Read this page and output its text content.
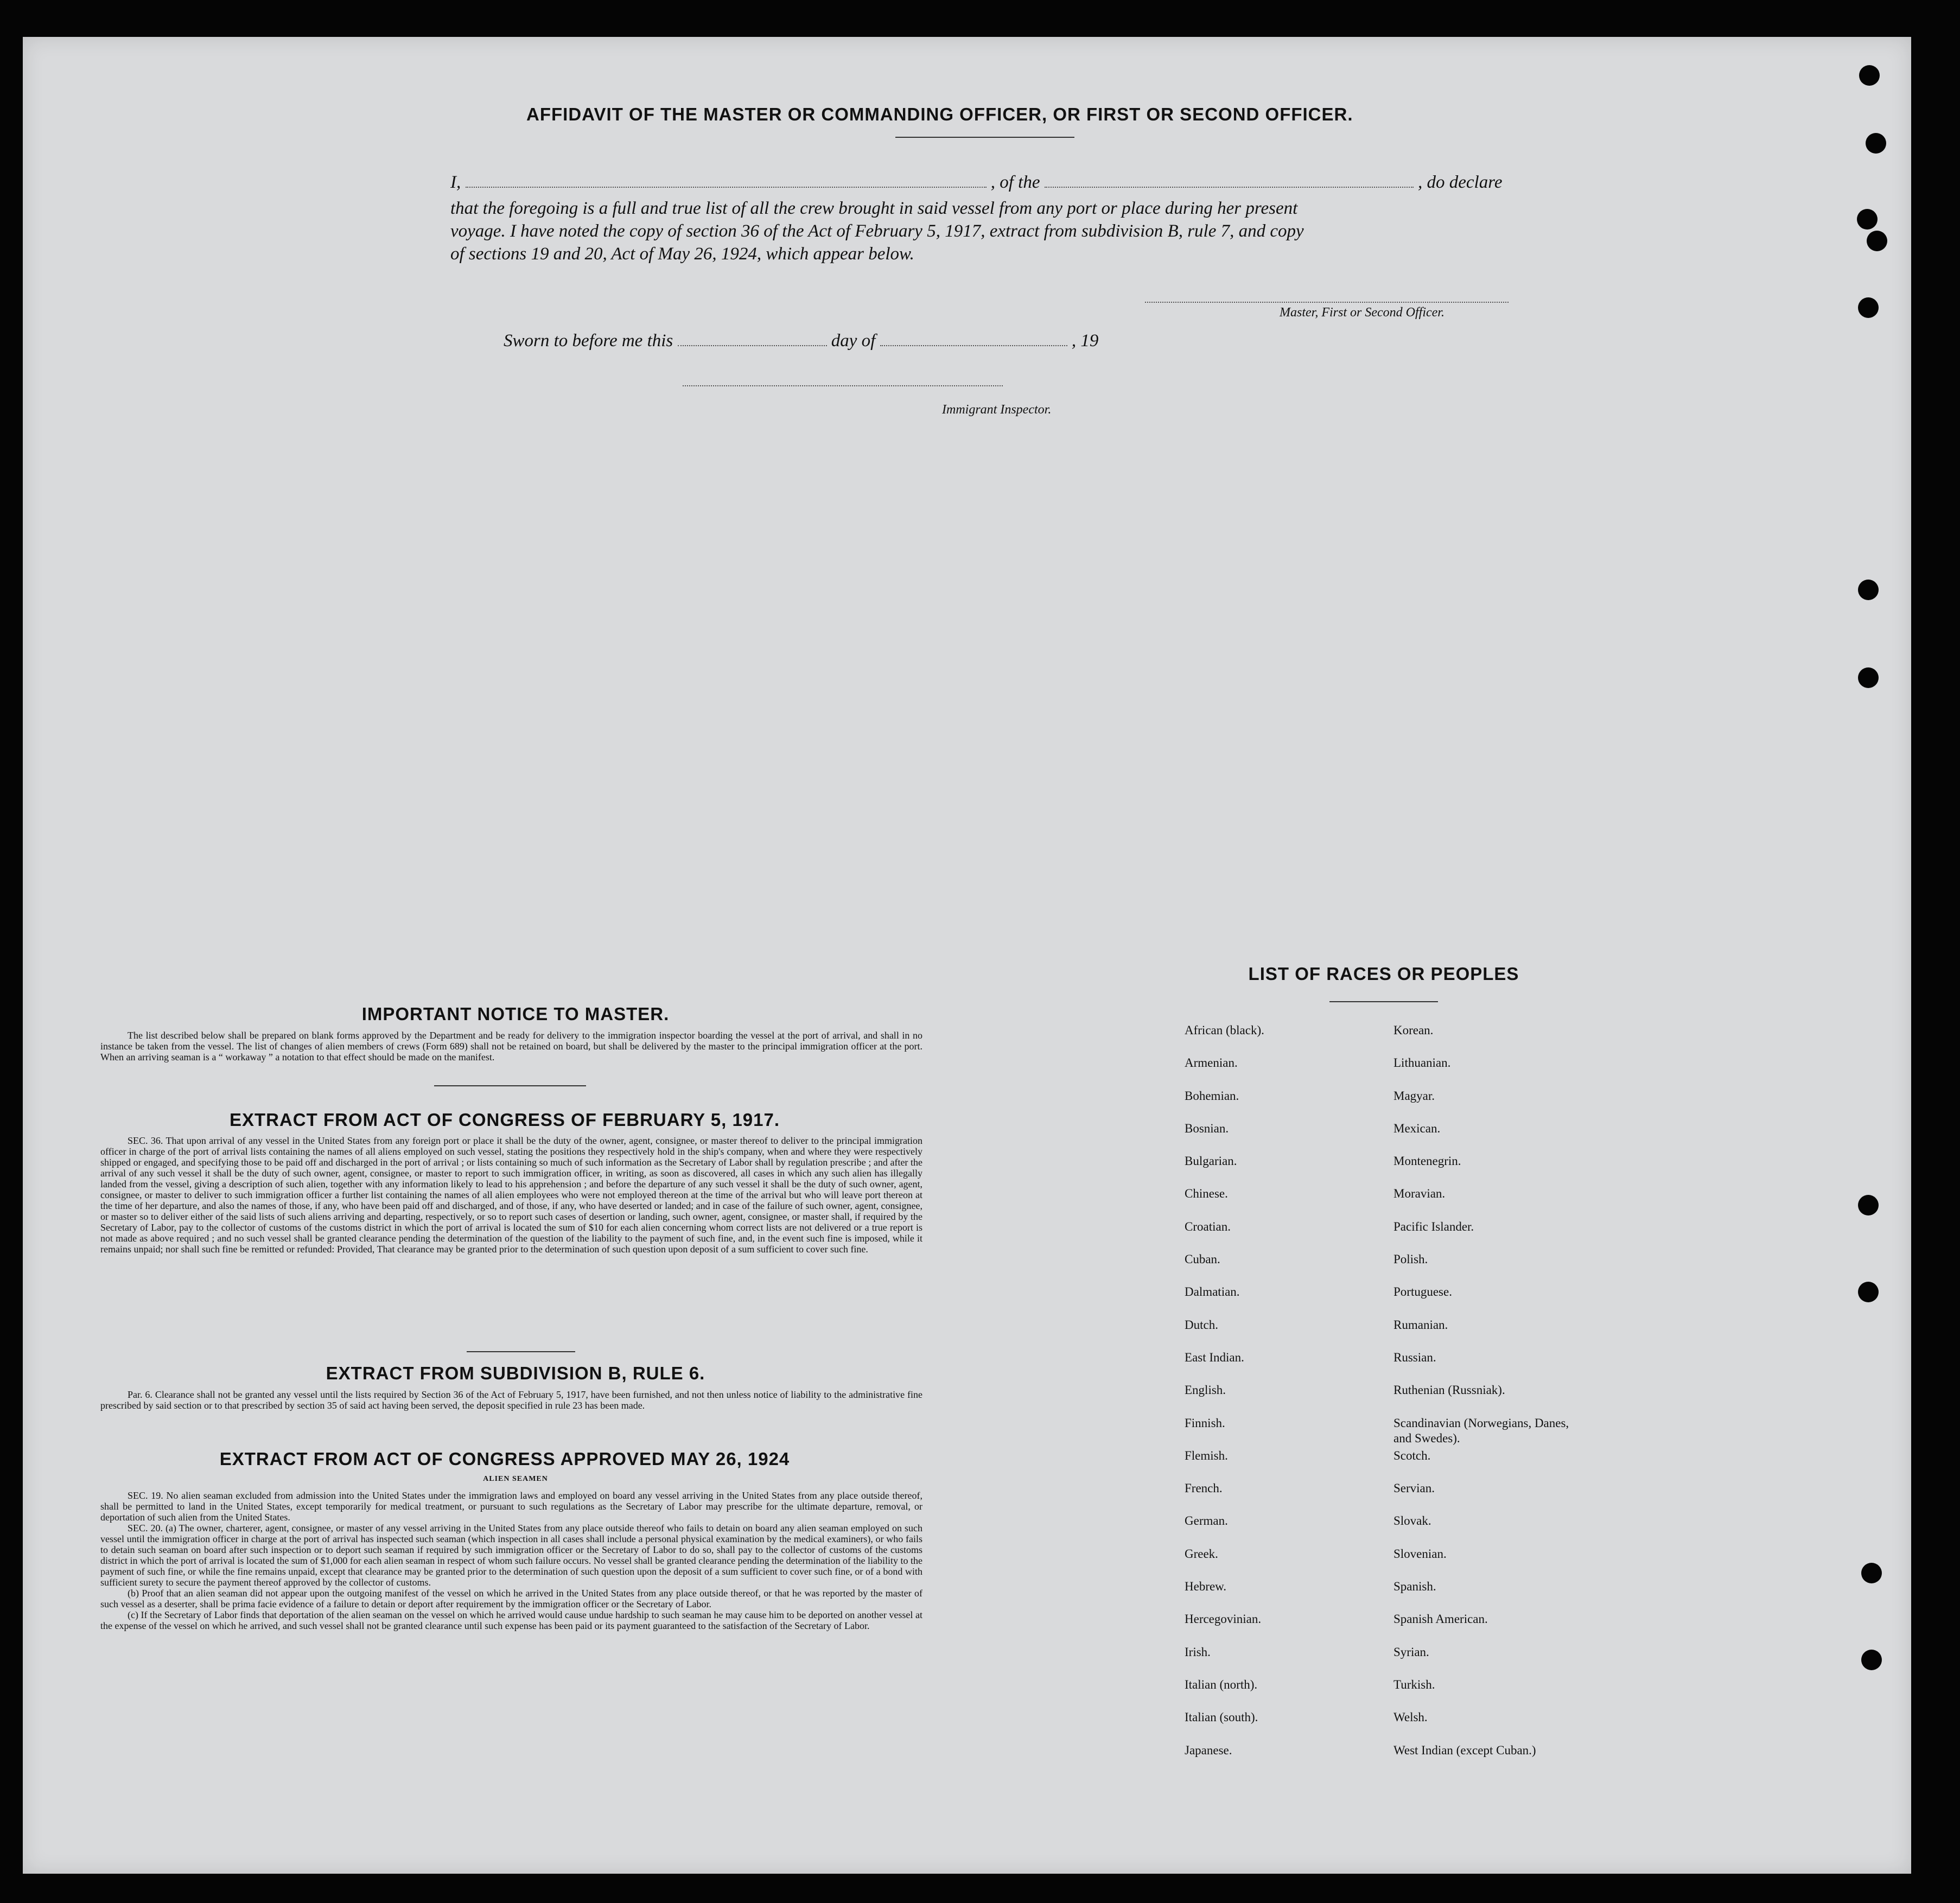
AFFIDAVIT OF THE MASTER OR COMMANDING OFFICER, OR FIRST OR SECOND OFFICER.
I,	, of the	, do declare
that the foregoing is a full and true list of all the crew brought in said vessel from any port or place during her present
voyage. I have noted the copy of section 36 of the Act of February 5, 1917, extract from subdivision B, rule 7, and copy
of sections 19 and 20, Act of May 26, 1924, which appear below.
Master, First or Second Officer.
Sworn to before me this	day of	, 19
Immigrant Inspector.
IMPORTANT NOTICE TO MASTER.

The list described below shall be prepared on blank forms approved by the Department and be ready for delivery to the immigration inspector boarding the vessel at the port of arrival, and shall in no instance be taken from the vessel. The list of changes of alien members of crews (Form 689) shall not be retained on board, but shall be delivered by the master to the principal immigration officer at the port. When an arriving seaman is a “ workaway ” a notation to that effect should be made on the manifest.

EXTRACT FROM ACT OF CONGRESS OF FEBRUARY 5, 1917.

SEC. 36. That upon arrival of any vessel in the United States from any foreign port or place it shall be the duty of the owner, agent, consignee, or master thereof to deliver to the principal immigration officer in charge of the port of arrival lists containing the names of all aliens employed on such vessel, stating the positions they respectively hold in the ship's company, when and where they were respectively shipped or engaged, and specifying those to be paid off and discharged in the port of arrival ; or lists containing so much of such information as the Secretary of Labor shall by regulation prescribe ; and after the arrival of any such vessel it shall be the duty of such owner, agent, consignee, or master to report to such immigration officer, in writing, as soon as discovered, all cases in which any such alien has illegally landed from the vessel, giving a description of such alien, together with any information likely to lead to his apprehension ; and before the departure of any such vessel it shall be the duty of such owner, agent, consignee, or master to deliver to such immigration officer a further list containing the names of all alien employees who were not employed thereon at the time of the arrival but who will leave port thereon at the time of her departure, and also the names of those, if any, who have been paid off and discharged, and of those, if any, who have deserted or landed; and in case of the failure of such owner, agent, consignee, or master so to deliver either of the said lists of such aliens arriving and departing, respectively, or so to report such cases of desertion or landing, such owner, agent, consignee, or master shall, if required by the Secretary of Labor, pay to the collector of customs of the customs district in which the port of arrival is located the sum of $10 for each alien concerning whom correct lists are not delivered or a true report is not made as above required ; and no such vessel shall be granted clearance pending the determination of the question of the liability to the payment of such fine, and, in the event such fine is imposed, while it remains unpaid; nor shall such fine be remitted or refunded: Provided, That clearance may be granted prior to the determination of such question upon deposit of a sum sufficient to cover such fine.

EXTRACT FROM SUBDIVISION B, RULE 6.

Par. 6. Clearance shall not be granted any vessel until the lists required by Section 36 of the Act of February 5, 1917, have been furnished, and not then unless notice of liability to the administrative fine prescribed by said section or to that prescribed by section 35 of said act having been served, the deposit specified in rule 23 has been made.

EXTRACT FROM ACT OF CONGRESS APPROVED MAY 26, 1924
ALIEN SEAMEN

SEC. 19. No alien seaman excluded from admission into the United States under the immigration laws and employed on board any vessel arriving in the United States from any place outside thereof, shall be permitted to land in the United States, except temporarily for medical treatment, or pursuant to such regulations as the Secretary of Labor may prescribe for the ultimate departure, removal, or deportation of such alien from the United States.

SEC. 20. (a) The owner, charterer, agent, consignee, or master of any vessel arriving in the United States from any place outside thereof who fails to detain on board any alien seaman employed on such vessel until the immigration officer in charge at the port of arrival has inspected such seaman (which inspection in all cases shall include a personal physical examination by the medical examiners), or who fails to detain such seaman on board after such inspection or to deport such seaman if required by such immigration officer or the Secretary of Labor to do so, shall pay to the collector of customs of the customs district in which the port of arrival is located the sum of $1,000 for each alien seaman in respect of whom such failure occurs. No vessel shall be granted clearance pending the determination of the liability to the payment of such fine, or while the fine remains unpaid, except that clearance may be granted prior to the determination of such question upon the deposit of a sum sufficient to cover such fine, or of a bond with sufficient surety to secure the payment thereof approved by the collector of customs.

(b) Proof that an alien seaman did not appear upon the outgoing manifest of the vessel on which he arrived in the United States from any place outside thereof, or that he was reported by the master of such vessel as a deserter, shall be prima facie evidence of a failure to detain or deport after requirement by the immigration officer or the Secretary of Labor.

(c) If the Secretary of Labor finds that deportation of the alien seaman on the vessel on which he arrived would cause undue hardship to such seaman he may cause him to be deported on another vessel at the expense of the vessel on which he arrived, and such vessel shall not be granted clearance until such expense has been paid or its payment guaranteed to the satisfaction of the Secretary of Labor.

LIST OF RACES OR PEOPLES
African (black).
Armenian.
Bohemian.
Bosnian.
Bulgarian.
Chinese.
Croatian.
Cuban.
Dalmatian.
Dutch.
East Indian.
English.
Finnish.
Flemish.
French.
German.
Greek.
Hebrew.
Hercegovinian.
Irish.
Italian (north).
Italian (south).
Japanese.
Korean.
Lithuanian.
Magyar.
Mexican.
Montenegrin.
Moravian.
Pacific Islander.
Polish.
Portuguese.
Rumanian.
Russian.
Ruthenian (Russniak).
Scandinavian (Norwegians, Danes, and Swedes).
Scotch.
Servian.
Slovak.
Slovenian.
Spanish.
Spanish American.
Syrian.
Turkish.
Welsh.
West Indian (except Cuban.)
